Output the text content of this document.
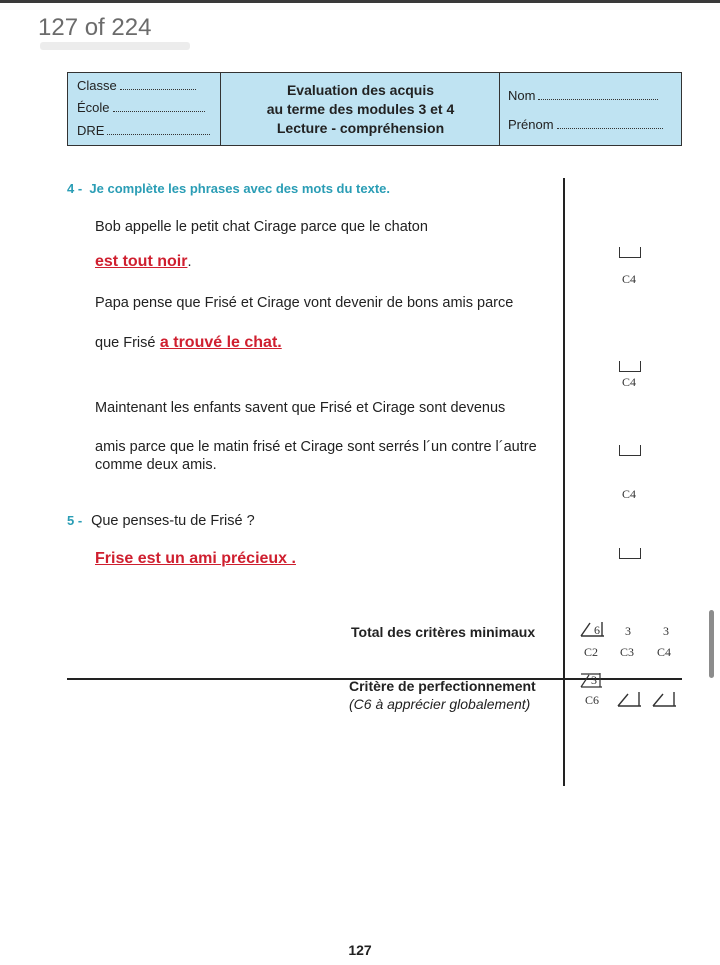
127 of 224
Classe
École
DRE
Evaluation des acquis
au terme des modules 3 et 4
Lecture - compréhension
Nom
Prénom
4 - Je complète les phrases avec des mots du texte.
Bob appelle le petit chat Cirage parce que le chaton
est tout noir.
Papa pense que Frisé et Cirage vont devenir de bons amis parce
que Frisé a trouvé le chat.
Maintenant les enfants savent que Frisé et Cirage sont devenus
amis parce que le matin frisé et Cirage sont serrés l´un contre l´autre
comme deux amis.
5 - Que penses-tu de Frisé ?
Frise est un ami précieux .
C4
C4
C4
Total des critères minimaux	6 3	3
C2 C3 C4
Critère de perfectionnement
(C6 à apprécier globalement)
3
C6
127
